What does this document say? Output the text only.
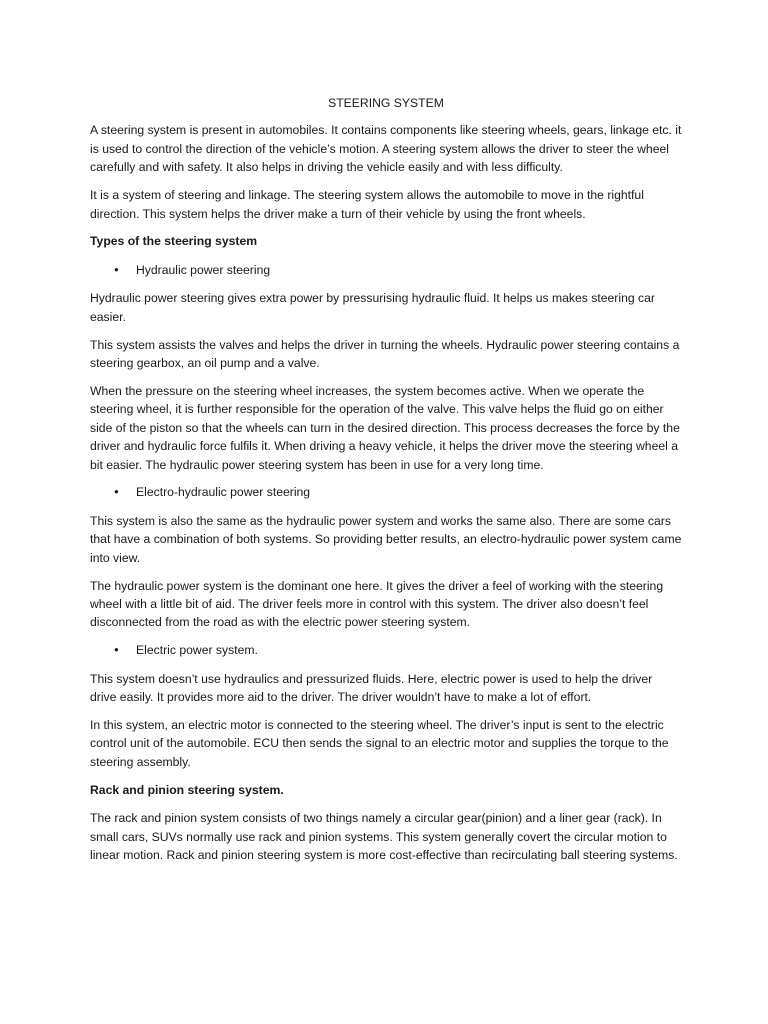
STEERING SYSTEM

A steering system is present in automobiles. It contains components like steering wheels, gears, linkage etc. it is used to control the direction of the vehicle’s motion. A steering system allows the driver to steer the wheel carefully and with safety. It also helps in driving the vehicle easily and with less difficulty.

It is a system of steering and linkage. The steering system allows the automobile to move in the rightful direction. This system helps the driver make a turn of their vehicle by using the front wheels.

Types of the steering system

● Hydraulic power steering

Hydraulic power steering gives extra power by pressurising hydraulic fluid. It helps us makes steering car easier.

This system assists the valves and helps the driver in turning the wheels. Hydraulic power steering contains a steering gearbox, an oil pump and a valve.

When the pressure on the steering wheel increases, the system becomes active. When we operate the steering wheel, it is further responsible for the operation of the valve. This valve helps the fluid go on either side of the piston so that the wheels can turn in the desired direction. This process decreases the force by the driver and hydraulic force fulfils it. When driving a heavy vehicle, it helps the driver move the steering wheel a bit easier. The hydraulic power steering system has been in use for a very long time.

● Electro-hydraulic power steering

This system is also the same as the hydraulic power system and works the same also. There are some cars that have a combination of both systems. So providing better results, an electro-hydraulic power system came into view.

The hydraulic power system is the dominant one here. It gives the driver a feel of working with the steering wheel with a little bit of aid. The driver feels more in control with this system. The driver also doesn’t feel disconnected from the road as with the electric power steering system.

● Electric power system.

This system doesn’t use hydraulics and pressurized fluids. Here, electric power is used to help the driver drive easily. It provides more aid to the driver. The driver wouldn’t have to make a lot of effort.

In this system, an electric motor is connected to the steering wheel. The driver’s input is sent to the electric control unit of the automobile. ECU then sends the signal to an electric motor and supplies the torque to the steering assembly.

Rack and pinion steering system.

The rack and pinion system consists of two things namely a circular gear(pinion) and a liner gear (rack). In small cars, SUVs normally use rack and pinion systems. This system generally covert the circular motion to linear motion. Rack and pinion steering system is more cost-effective than recirculating ball steering systems.
